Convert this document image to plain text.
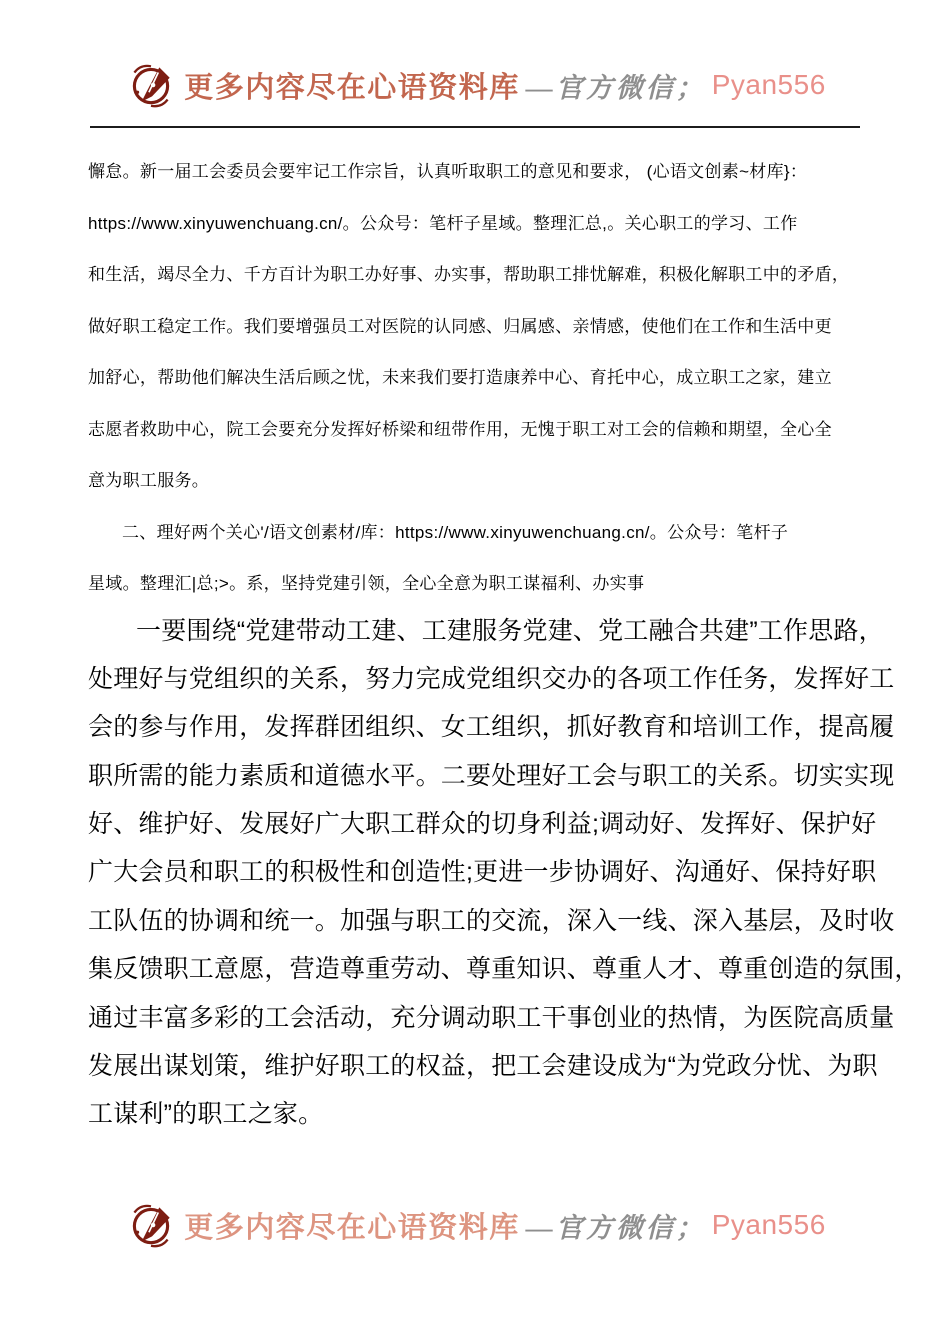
更多内容尽在心语资料库 —官方微信； Pyan556
懈怠。新一届工会委员会要牢记工作宗旨，认真听取职工的意见和要求， (心语文创素~材库}：
https://www.xinyuwenchuang.cn/。公众号：笔杆子星域。整理汇总,。关心职工的学习、工作
和生活，竭尽全力、千方百计为职工办好事、办实事，帮助职工排忧解难，积极化解职工中的矛盾，
做好职工稳定工作。我们要增强员工对医院的认同感、归属感、亲情感，使他们在工作和生活中更
加舒心，帮助他们解决生活后顾之忧，未来我们要打造康养中心、育托中心，成立职工之家，建立
志愿者救助中心，院工会要充分发挥好桥梁和纽带作用，无愧于职工对工会的信赖和期望，全心全
意为职工服务。
二、理好两个关心'/语文创素材/库：https://www.xinyuwenchuang.cn/。公众号：笔杆子
星域。整理汇|总;>。系，坚持党建引领，全心全意为职工谋福利、办实事
一要围绕“党建带动工建、工建服务党建、党工融合共建”工作思路，
处理好与党组织的关系，努力完成党组织交办的各项工作任务，发挥好工
会的参与作用，发挥群团组织、女工组织，抓好教育和培训工作，提高履
职所需的能力素质和道德水平。二要处理好工会与职工的关系。切实实现
好、维护好、发展好广大职工群众的切身利益;调动好、发挥好、保护好
广大会员和职工的积极性和创造性;更进一步协调好、沟通好、保持好职
工队伍的协调和统一。加强与职工的交流，深入一线、深入基层，及时收
集反馈职工意愿，营造尊重劳动、尊重知识、尊重人才、尊重创造的氛围，
通过丰富多彩的工会活动，充分调动职工干事创业的热情，为医院高质量
发展出谋划策，维护好职工的权益，把工会建设成为“为党政分忧、为职
工谋利”的职工之家。
更多内容尽在心语资料库 —官方微信； Pyan556
